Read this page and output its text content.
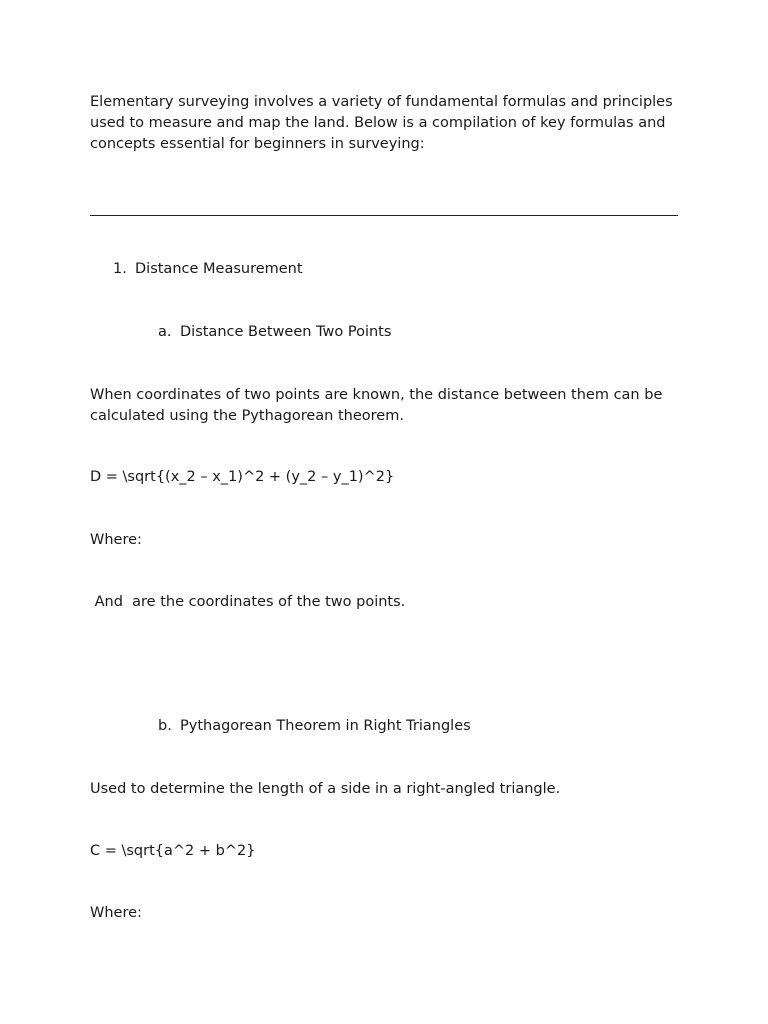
Elementary surveying involves a variety of fundamental formulas and principles used to measure and map the land. Below is a compilation of key formulas and concepts essential for beginners in surveying:

1. Distance Measurement
a. Distance Between Two Points

When coordinates of two points are known, the distance between them can be calculated using the Pythagorean theorem.

D = \sqrt{(x_2 – x_1)^2 + (y_2 – y_1)^2}

Where:

And  are the coordinates of the two points.

b. Pythagorean Theorem in Right Triangles

Used to determine the length of a side in a right-angled triangle.

C = \sqrt{a^2 + b^2}

Where:
